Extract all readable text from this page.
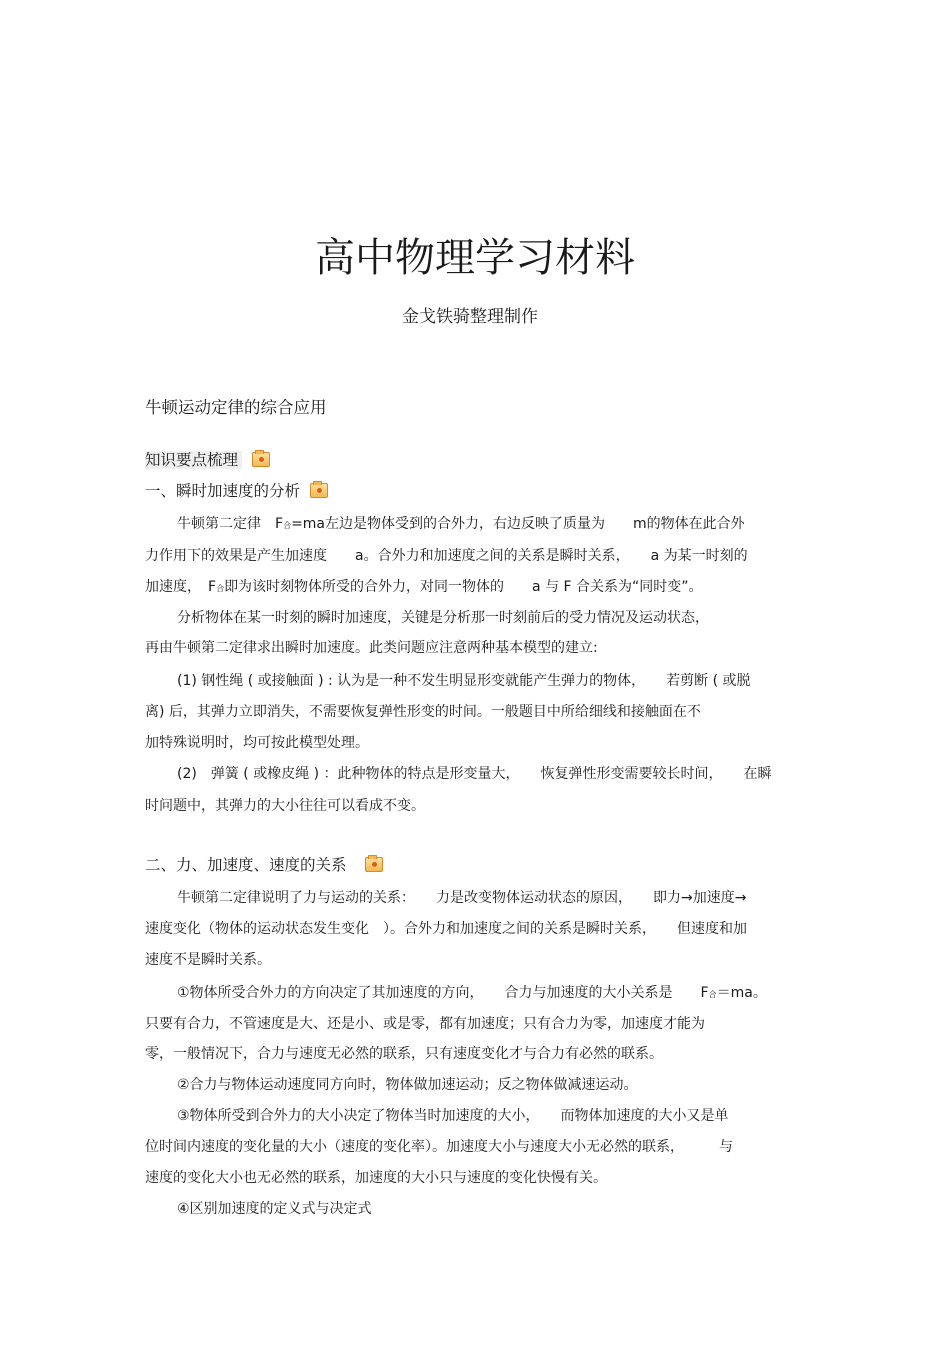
高中物理学习材料
金戈铁骑整理制作
牛顿运动定律的综合应用
知识要点梳理
一、瞬时加速度的分析
牛顿第二定律　F合=ma左边是物体受到的合外力，右边反映了质量为　　m的物体在此合外
力作用下的效果是产生加速度　　a。合外力和加速度之间的关系是瞬时关系，　　a 为某一时刻的
加速度，　F合即为该时刻物体所受的合外力，对同一物体的　　a 与 F 合关系为“同时变”。
分析物体在某一时刻的瞬时加速度，关键是分析那一时刻前后的受力情况及运动状态，
再由牛顿第二定律求出瞬时加速度。此类问题应注意两种基本模型的建立:
(1) 钢性绳 ( 或接触面 ) : 认为是一种不发生明显形变就能产生弹力的物体，　　若剪断 ( 或脱
离) 后，其弹力立即消失，不需要恢复弹性形变的时间。一般题目中所给细线和接触面在不
加特殊说明时，均可按此模型处理。
(2)　弹簧 ( 或橡皮绳 ) ：此种物体的特点是形变量大，　　恢复弹性形变需要较长时间，　　在瞬
时问题中，其弹力的大小往往可以看成不变。
二、力、加速度、速度的关系
牛顿第二定律说明了力与运动的关系：　　力是改变物体运动状态的原因，　　即力→加速度→
速度变化（物体的运动状态发生变化　）。合外力和加速度之间的关系是瞬时关系，　　但速度和加
速度不是瞬时关系。
①物体所受合外力的方向决定了其加速度的方向，　　合力与加速度的大小关系是　　F合＝ma。
只要有合力，不管速度是大、还是小、或是零，都有加速度；只有合力为零，加速度才能为
零，一般情况下，合力与速度无必然的联系，只有速度变化才与合力有必然的联系。
②合力与物体运动速度同方向时，物体做加速运动；反之物体做减速运动。
③物体所受到合外力的大小决定了物体当时加速度的大小，　　而物体加速度的大小又是单
位时间内速度的变化量的大小（速度的变化率）。加速度大小与速度大小无必然的联系，　　　与
速度的变化大小也无必然的联系，加速度的大小只与速度的变化快慢有关。
④区别加速度的定义式与决定式
